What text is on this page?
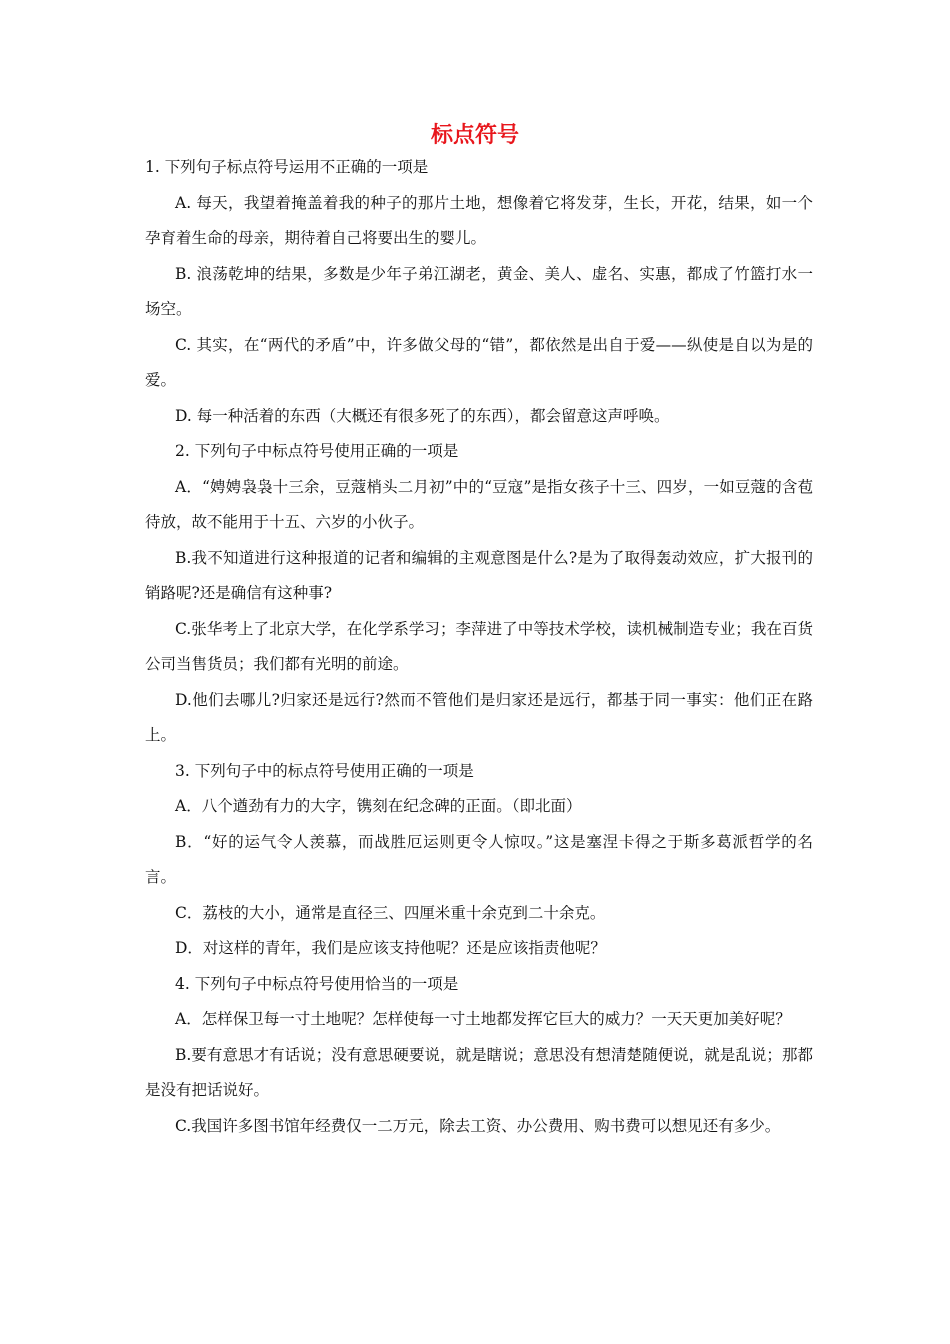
标点符号

1. 下列句子标点符号运用不正确的一项是

A. 每天，我望着掩盖着我的种子的那片土地，想像着它将发芽，生长，开花，结果，如一个孕育着生命的母亲，期待着自己将要出生的婴儿。

B. 浪荡乾坤的结果，多数是少年子弟江湖老，黄金、美人、虚名、实惠，都成了竹篮打水一场空。

C. 其实，在“两代的矛盾”中，许多做父母的“错”，都依然是出自于爱——纵使是自以为是的爱。

D. 每一种活着的东西（大概还有很多死了的东西），都会留意这声呼唤。

2. 下列句子中标点符号使用正确的一项是

A．“娉娉袅袅十三余，豆蔻梢头二月初”中的“豆寇”是指女孩子十三、四岁，一如豆蔻的含苞待放，故不能用于十五、六岁的小伙子。

B.我不知道进行这种报道的记者和编辑的主观意图是什么?是为了取得轰动效应，扩大报刊的销路呢?还是确信有这种事?

C.张华考上了北京大学，在化学系学习；李萍进了中等技术学校，读机械制造专业；我在百货公司当售货员；我们都有光明的前途。

D.他们去哪儿?归家还是远行?然而不管他们是归家还是远行，都基于同一事实：他们正在路上。

3. 下列句子中的标点符号使用正确的一项是

A．八个遒劲有力的大字，镌刻在纪念碑的正面。（即北面）

B．“好的运气令人羡慕，而战胜厄运则更令人惊叹。”这是塞涅卡得之于斯多葛派哲学的名言。

C．荔枝的大小，通常是直径三、四厘米重十余克到二十余克。

D．对这样的青年，我们是应该支持他呢？还是应该指责他呢？

4. 下列句子中标点符号使用恰当的一项是

A．怎样保卫每一寸土地呢？怎样使每一寸土地都发挥它巨大的威力？一天天更加美好呢？

B.要有意思才有话说；没有意思硬要说，就是瞎说；意思没有想清楚随便说，就是乱说；那都是没有把话说好。

C.我国许多图书馆年经费仅一二万元，除去工资、办公费用、购书费可以想见还有多少。
